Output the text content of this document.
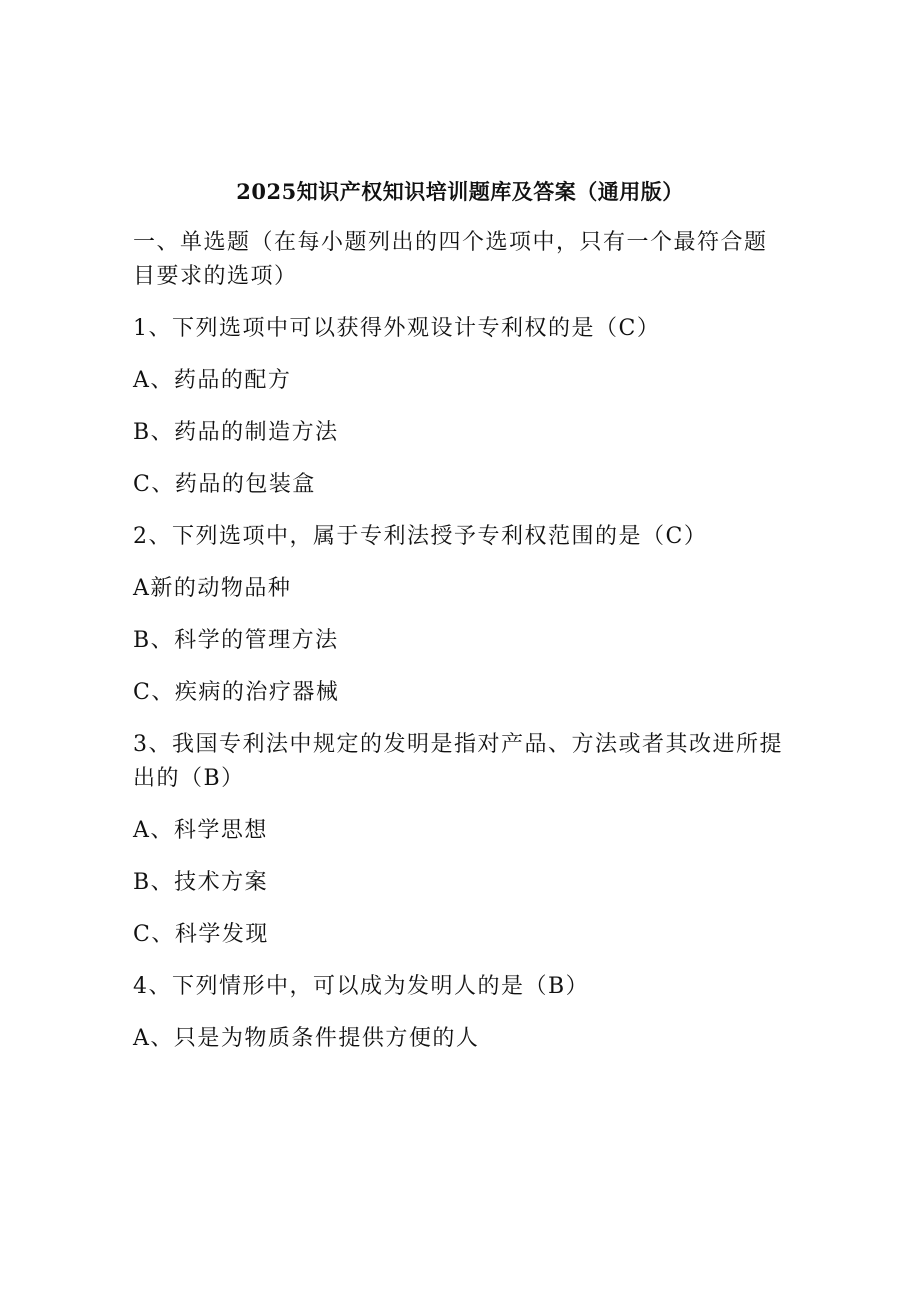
2025知识产权知识培训题库及答案（通用版）

一、单选题（在每小题列出的四个选项中，只有一个最符合题目要求的选项）

1、下列选项中可以获得外观设计专利权的是（C）

A、药品的配方

B、药品的制造方法

C、药品的包装盒

2、下列选项中，属于专利法授予专利权范围的是（C）

A新的动物品种

B、科学的管理方法

C、疾病的治疗器械

3、我国专利法中规定的发明是指对产品、方法或者其改进所提出的（B）

A、科学思想

B、技术方案

C、科学发现

4、下列情形中，可以成为发明人的是（B）

A、只是为物质条件提供方便的人
